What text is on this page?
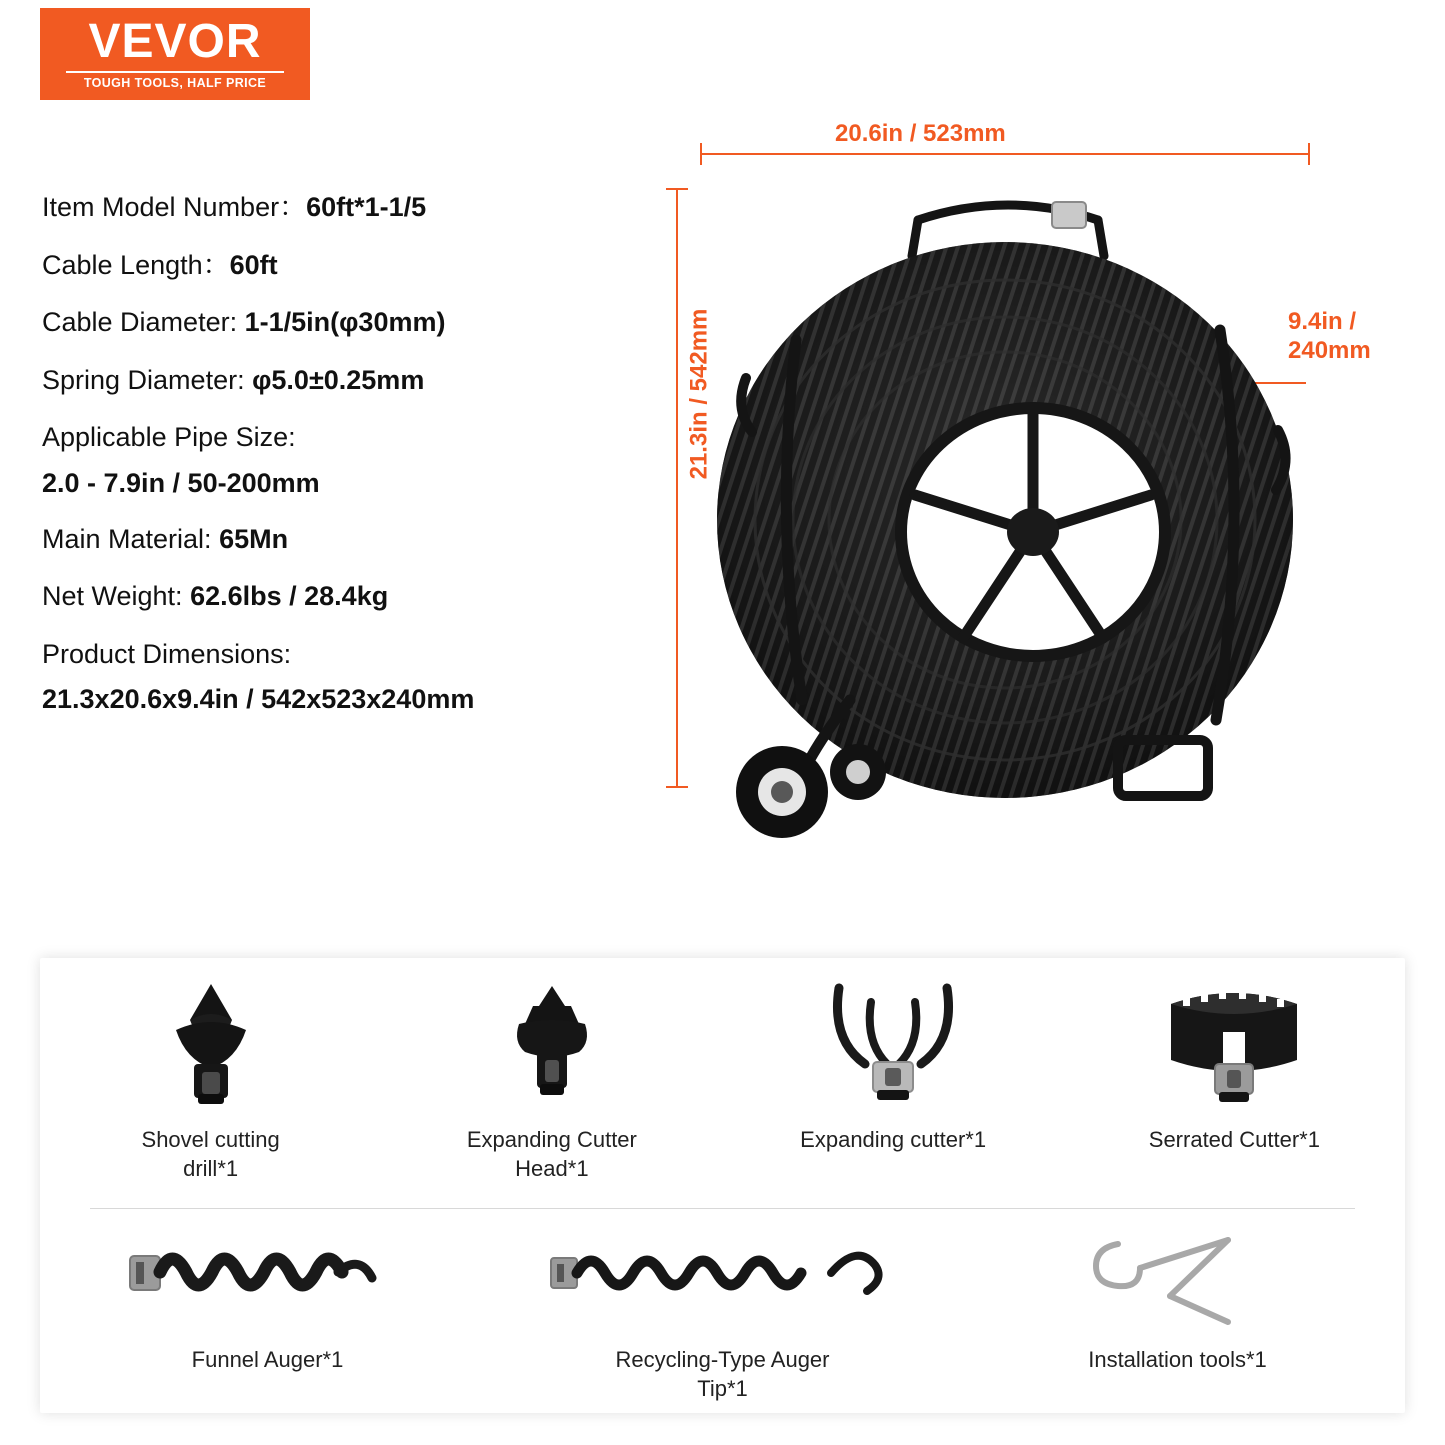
VEVOR
TOUGH TOOLS, HALF PRICE
Item Model Number：60ft*1-1/5
Cable Length：60ft
Cable Diameter: 1-1/5in(φ30mm)
Spring Diameter: φ5.0±0.25mm
Applicable Pipe Size:
2.0 - 7.9in / 50-200mm
Main Material: 65Mn
Net Weight: 62.6lbs / 28.4kg
Product Dimensions:
21.3x20.6x9.4in / 542x523x240mm
20.6in / 523mm
21.3in / 542mm	9.4in /
240mm
Shovel cutting
drill*1
Expanding Cutter
Head*1
Expanding cutter*1	Serrated Cutter*1
Funnel Auger*1	Recycling-Type Auger Tip*1
Installation tools*1
